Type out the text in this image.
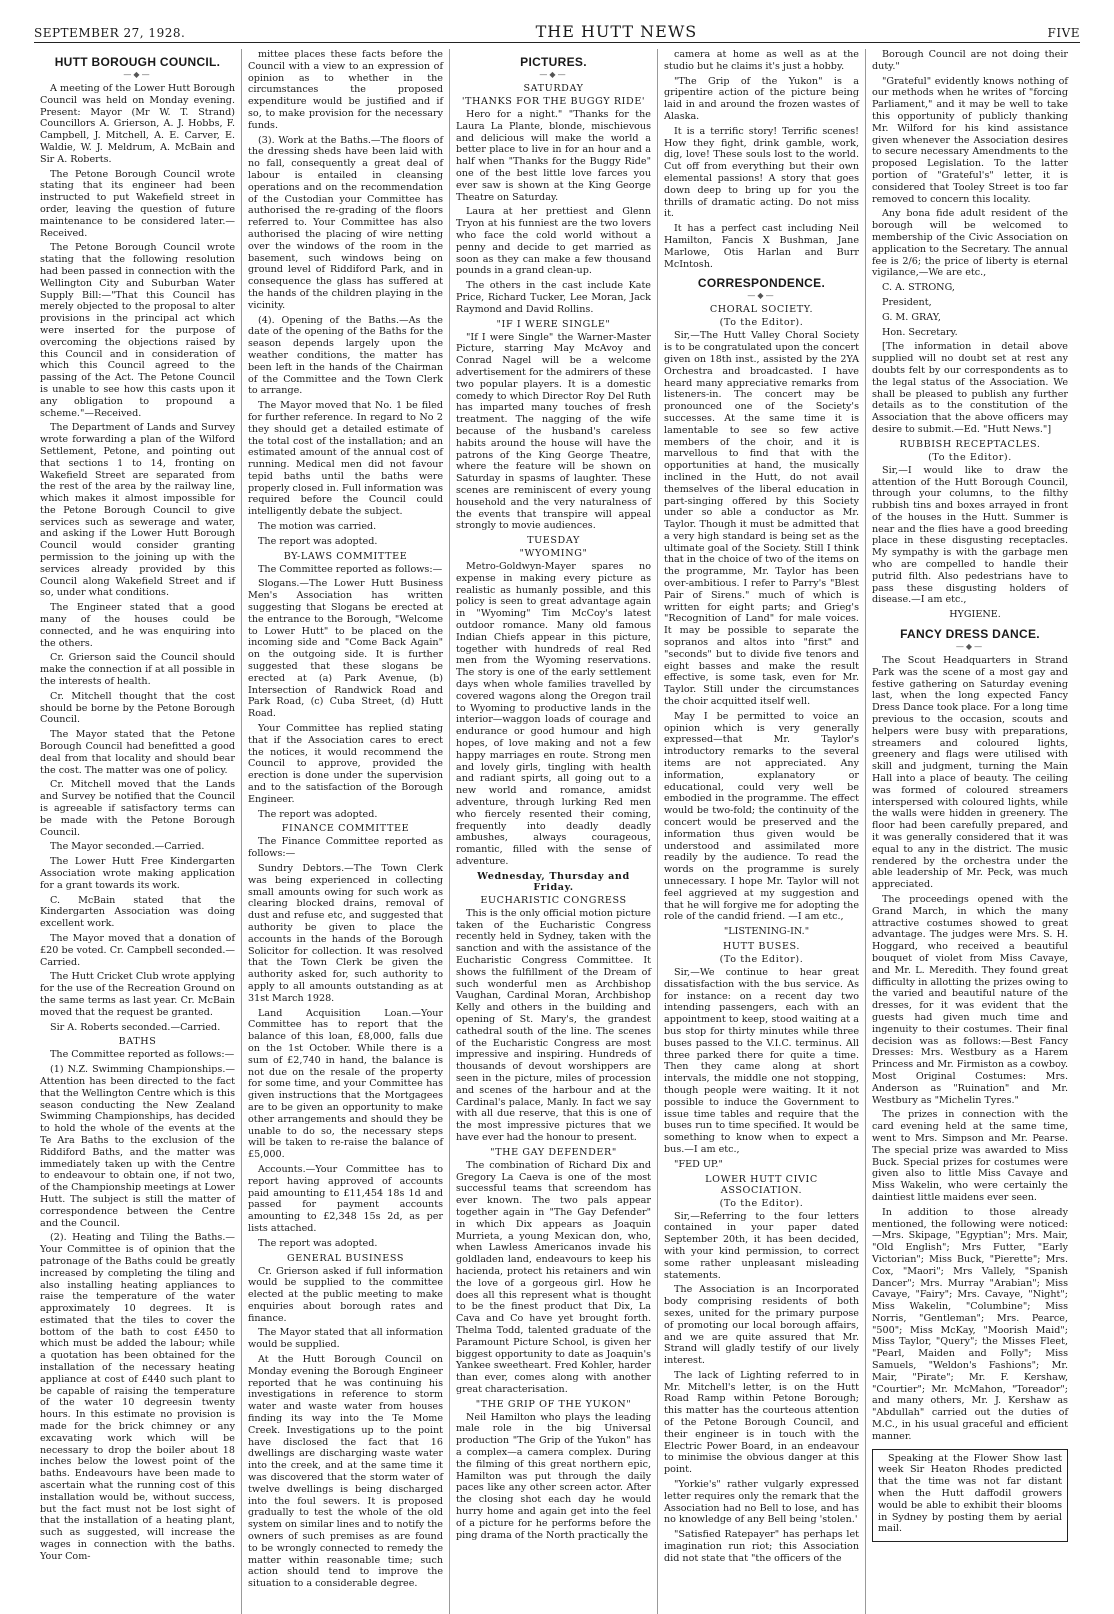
SEPTEMBER 27, 1928.	THE HUTT NEWS	FIVE
HUTT BOROUGH COUNCIL.
—◆—

A meeting of the Lower Hutt Borough Council was held on Monday evening. Present: Mayor (Mr W. T. Strand) Councillors A. Grierson, A. J. Hobbs, F. Campbell, J. Mitchell, A. E. Carver, E. Waldie, W. J. Meldrum, A. McBain and Sir A. Roberts.

The Petone Borough Council wrote stating that its engineer had been instructed to put Wakefield street in order, leaving the question of future maintenance to be considered later.—Received.

The Petone Borough Council wrote stating that the following resolution had been passed in connection with the Wellington City and Suburban Water Supply Bill:—"That this Council has merely objected to the proposal to alter provisions in the principal act which were inserted for the purpose of overcoming the objections raised by this Council and in consideration of which this Council agreed to the passing of the Act. The Petone Council is unable to see how this casts upon it any obligation to propound a scheme."—Received.

The Department of Lands and Survey wrote forwarding a plan of the Wilford Settlement, Petone, and pointing out that sections 1 to 14, fronting on Wakefield Street are separated from the rest of the area by the railway line, which makes it almost impossible for the Petone Borough Council to give services such as sewerage and water, and asking if the Lower Hutt Borough Council would consider granting permission to the joining up with the services already provided by this Council along Wakefield Street and if so, under what conditions.

The Engineer stated that a good many of the houses could be connected, and he was enquiring into the others.

Cr. Grierson said the Council should make the connection if at all possible in the interests of health.

Cr. Mitchell thought that the cost should be borne by the Petone Borough Council.

The Mayor stated that the Petone Borough Council had benefitted a good deal from that locality and should bear the cost. The matter was one of policy.

Cr. Mitchell moved that the Lands and Survey be notified that the Council is agreeable if satisfactory terms can be made with the Petone Borough Council.

The Mayor seconded.—Carried.

The Lower Hutt Free Kindergarten Association wrote making application for a grant towards its work.

C. McBain stated that the Kindergarten Association was doing excellent work.

The Mayor moved that a donation of £20 be voted. Cr. Campbell seconded.—Carried.

The Hutt Cricket Club wrote applying for the use of the Recreation Ground on the same terms as last year. Cr. McBain moved that the request be granted.

Sir A. Roberts seconded.—Carried.

BATHS

The Committee reported as follows:—

(1) N.Z. Swimming Championships.—Attention has been directed to the fact that the Wellington Centre which is this season conducting the New Zealand Swimming Championships, has decided to hold the whole of the events at the Te Ara Baths to the exclusion of the Riddiford Baths, and the matter was immediately taken up with the Centre to endeavour to obtain one, if not two, of the Championship meetings at Lower Hutt. The subject is still the matter of correspondence between the Centre and the Council.

(2). Heating and Tiling the Baths.—Your Committee is of opinion that the patronage of the Baths could be greatly increased by completing the tiling and also installing heating appliances to raise the temperature of the water approximately 10 degrees. It is estimated that the tiles to cover the bottom of the bath to cost £450 to which must be added the labour; while a quotation has been obtained for the installation of the necessary heating appliance at cost of £440 such plant to be capable of raising the temperature of the water 10 degreesin twenty hours. In this estimate no provision is made for the brick chimney or any excavating work which will be necessary to drop the boiler about 18 inches below the lowest point of the baths. Endeavours have been made to ascertain what the running cost of this installation would be, without success, but the fact must not be lost sight of that the installation of a heating plant, such as suggested, will increase the wages in connection with the baths. Your Com-

mittee places these facts before the Council with a view to an expression of opinion as to whether in the circumstances the proposed expenditure would be justified and if so, to make provision for the necessary funds.

(3). Work at the Baths.—The floors of the dressing sheds have been laid with no fall, consequently a great deal of labour is entailed in cleansing operations and on the recommendation of the Custodian your Committee has authorised the re-grading of the floors referred to. Your Committee has also authorised the placing of wire netting over the windows of the room in the basement, such windows being on ground level of Riddiford Park, and in consequence the glass has suffered at the hands of the children playing in the vicinity.

(4). Opening of the Baths.—As the date of the opening of the Baths for the season depends largely upon the weather conditions, the matter has been left in the hands of the Chairman of the Committee and the Town Clerk to arrange.

The Mayor moved that No. 1 be filed for further reference. In regard to No 2 they should get a detailed estimate of the total cost of the installation; and an estimated amount of the annual cost of running. Medical men did not favour tepid baths until the baths were properly closed in. Full information was required before the Council could intelligently debate the subject.

The motion was carried.

The report was adopted.

BY-LAWS COMMITTEE

The Committee reported as follows:—

Slogans.—The Lower Hutt Business Men's Association has written suggesting that Slogans be erected at the entrance to the Borough, "Welcome to Lower Hutt" to be placed on the incoming side and "Come Back Again" on the outgoing side. It is further suggested that these slogans be erected at (a) Park Avenue, (b) Intersection of Randwick Road and Park Road, (c) Cuba Street, (d) Hutt Road.

Your Committee has replied stating that if the Association cares to erect the notices, it would recommend the Council to approve, provided the erection is done under the supervision and to the satisfaction of the Borough Engineer.

The report was adopted.

FINANCE COMMITTEE

The Finance Committee reported as follows:—

Sundry Debtors.—The Town Clerk was being experienced in collecting small amounts owing for such work as clearing blocked drains, removal of dust and refuse etc, and suggested that authority be given to place the accounts in the hands of the Borough Solicitor for collection. It was resolved that the Town Clerk be given the authority asked for, such authority to apply to all amounts outstanding as at 31st March 1928.

Land Acquisition Loan.—Your Committee has to report that the balance of this loan, £8,000, falls due on the 1st October. While there is a sum of £2,740 in hand, the balance is not due on the resale of the property for some time, and your Committee has given instructions that the Mortgagees are to be given an opportunity to make other arrangements and should they be unable to do so, the necessary steps will be taken to re-raise the balance of £5,000.

Accounts.—Your Committee has to report having approved of accounts paid amounting to £11,454 18s 1d and passed for payment accounts amounting to £2,348 15s 2d, as per lists attached.

The report was adopted.

GENERAL BUSINESS

Cr. Grierson asked if full information would be supplied to the committee elected at the public meeting to make enquiries about borough rates and finance.

The Mayor stated that all information would be supplied.

At the Hutt Borough Council on Monday evening the Borough Engineer reported that he was continuing his investigations in reference to storm water and waste water from houses finding its way into the Te Mome Creek. Investigations up to the point have disclosed the fact that 16 dwellings are discharging waste water into the creek, and at the same time it was discovered that the storm water of twelve dwellings is being discharged into the foul sewers. It is proposed gradually to test the whole of the old system on similar lines and to notify the owners of such premises as are found to be wrongly connected to remedy the matter within reasonable time; such action should tend to improve the situation to a considerable degree.

PICTURES.
—◆—
SATURDAY
'THANKS FOR THE BUGGY RIDE'

Hero for a night." "Thanks for the Laura La Plante, blonde, mischievous and delicious will make the world a better place to live in for an hour and a half when "Thanks for the Buggy Ride" one of the best little love farces you ever saw is shown at the King George Theatre on Saturday.

Laura at her prettiest and Glenn Tryon at his funniest are the two lovers who face the cold world without a penny and decide to get married as soon as they can make a few thousand pounds in a grand clean-up.

The others in the cast include Kate Price, Richard Tucker, Lee Moran, Jack Raymond and David Rollins.

"IF I WERE SINGLE"

"If I were Single" the Warner-Master Picture, starring May McAvoy and Conrad Nagel will be a welcome advertisement for the admirers of these two popular players. It is a domestic comedy to which Director Roy Del Ruth has imparted many touches of fresh treatment. The nagging of the wife because of the husband's careless habits around the house will have the patrons of the King George Theatre, where the feature will be shown on Saturday in spasms of laughter. These scenes are reminiscent of every young household and the very naturalness of the events that transpire will appeal strongly to movie audiences.

TUESDAY
"WYOMING"

Metro-Goldwyn-Mayer spares no expense in making every picture as realistic as humanly possible, and this policy is seen to great advantage again in "Wyoming" Tim McCoy's latest outdoor romance. Many old famous Indian Chiefs appear in this picture, together with hundreds of real Red men from the Wyoming reservations. The story is one of the early settlement days when whole families travelled by covered wagons along the Oregon trail to Wyoming to productive lands in the interior—waggon loads of courage and endurance or good humour and high hopes, of love making and not a few happy marriages en route. Strong men and lovely girls, tingling with health and radiant spirts, all going out to a new world and romance, amidst adventure, through lurking Red men who fiercely resented their coming, frequently into deadly deadly ambushes, always courageous, romantic, filled with the sense of adventure.

Wednesday, Thursday and Friday.
EUCHARISTIC CONGRESS

This is the only official motion picture taken of the Eucharistic Congress recently held in Sydney, taken with the sanction and with the assistance of the Eucharistic Congress Committee. It shows the fulfillment of the Dream of such wonderful men as Archbishop Vaughan, Cardinal Moran, Archbishop Kelly and others in the building and opening of St. Mary's, the grandest cathedral south of the line. The scenes of the Eucharistic Congress are most impressive and inspiring. Hundreds of thousands of devout worshippers are seen in the picture, miles of procession and scenes of the harbour and at the Cardinal's palace, Manly. In fact we say with all due reserve, that this is one of the most impressive pictures that we have ever had the honour to present.

"THE GAY DEFENDER"

The combination of Richard Dix and Gregory La Caeva is one of the most successful teams that screendom has ever known. The two pals appear together again in "The Gay Defender" in which Dix appears as Joaquin Murrieta, a young Mexican don, who, when Lawless Americanos invade his goldladen land, endeavours to keep his hacienda, protect his retainers and win the love of a gorgeous girl. How he does all this represent what is thought to be the finest product that Dix, La Cava and Co have yet brought forth. Thelma Todd, talented graduate of the Paramount Picture School, is given her biggest opportunity to date as Joaquin's Yankee sweetheart. Fred Kohler, harder than ever, comes along with another great characterisation.

"THE GRIP OF THE YUKON"

Neil Hamilton who plays the leading male role in the big Universal production "The Grip of the Yukon" has a complex—a camera complex. During the filming of this great northern epic, Hamilton was put through the daily paces like any other screen actor. After the closing shot each day he would hurry home and again get into the feel of a picture for he performs before the ping drama of the North practically the

camera at home as well as at the studio but he claims it's just a hobby.

"The Grip of the Yukon" is a gripentire action of the picture being laid in and around the frozen wastes of Alaska.

It is a terrific story! Terrific scenes! How they fight, drink gamble, work, dig, love! These souls lost to the world. Cut off from everything but their own elemental passions! A story that goes down deep to bring up for you the thrills of dramatic acting. Do not miss it.

It has a perfect cast including Neil Hamilton, Fancis X Bushman, Jane Marlowe, Otis Harlan and Burr McIntosh.

CORRESPONDENCE.
—◆—
CHORAL SOCIETY.
(To the Editor).

Sir,—The Hutt Valley Choral Society is to be congratulated upon the concert given on 18th inst., assisted by the 2YA Orchestra and broadcasted. I have heard many appreciative remarks from listeners-in. The concert may be pronounced one of the Society's successes. At the same time it is lamentable to see so few active members of the choir, and it is marvellous to find that with the opportunities at hand, the musically inclined in the Hutt, do not avail themselves of the liberal education in part-singing offered by this Society under so able a conductor as Mr. Taylor. Though it must be admitted that a very high standard is being set as the ultimate goal of the Society. Still I think that in the choice of two of the items on the programme, Mr. Taylor has been over-ambitious. I refer to Parry's "Blest Pair of Sirens." much of which is written for eight parts; and Grieg's "Recognition of Land" for male voices. It may be possible to separate the sopranos and altos into "first" and "seconds" but to divide five tenors and eight basses and make the result effective, is some task, even for Mr. Taylor. Still under the circumstances the choir acquitted itself well.

May I be permitted to voice an opinion which is very generally expressed—that Mr. Taylor's introductory remarks to the several items are not appreciated. Any information, explanatory or educational, could very well be embodied in the programme. The effect would be two-fold; the continuity of the concert would be preserved and the information thus given would be understood and assimilated more readily by the audience. To read the words on the programme is surely unnecessary. I hope Mr. Taylor will not feel aggrieved at my suggestion and that he will forgive me for adopting the role of the candid friend. —I am etc.,

"LISTENING-IN."

HUTT BUSES.
(To the Editor).

Sir,—We continue to hear great dissatisfaction with the bus service. As for instance: on a recent day two intending passengers, each with an appointment to keep, stood waiting at a bus stop for thirty minutes while three buses passed to the V.I.C. terminus. All three parked there for quite a time. Then they came along at short intervals, the middle one not stopping, though people were waiting. It it not possible to induce the Government to issue time tables and require that the buses run to time specified. It would be something to know when to expect a bus.—I am etc.,

"FED UP."

LOWER HUTT CIVIC ASSOCIATION.
(To the Editor).

Sir,—Referring to the four letters contained in your paper dated September 20th, it has been decided, with your kind permission, to correct some rather unpleasant misleading statements.

The Association is an Incorporated body comprising residents of both sexes, united for the primary purpose of promoting our local borough affairs, and we are quite assured that Mr. Strand will gladly testify of our lively interest.

The lack of Lighting referred to in Mr. Mitchell's letter, is on the Hutt Road Ramp within Petone Borough; this matter has the courteous attention of the Petone Borough Council, and their engineer is in touch with the Electric Power Board, in an endeavour to minimise the obvious danger at this point.

"Yorkie's" rather vulgarly expressed letter requires only the remark that the Association had no Bell to lose, and has no knowledge of any Bell being 'stolen.'

"Satisfied Ratepayer" has perhaps let imagination run riot; this Association did not state that "the officers of the

Borough Council are not doing their duty."

"Grateful" evidently knows nothing of our methods when he writes of "forcing Parliament," and it may be well to take this opportunity of publicly thanking Mr. Wilford for his kind assistance given whenever the Association desires to secure necessary Amendments to the proposed Legislation. To the latter portion of "Grateful's" letter, it is considered that Tooley Street is too far removed to concern this locality.

Any bona fide adult resident of the borough will be welcomed to membership of the Civic Association on application to the Secretary. The annual fee is 2/6; the price of liberty is eternal vigilance,—We are etc.,

C. A. STRONG,

President,

G. M. GRAY,

Hon. Secretary.

[The information in detail above supplied will no doubt set at rest any doubts felt by our correspondents as to the legal status of the Association. We shall be pleased to publish any further details as to the constitution of the Association that the above officers may desire to submit.—Ed. "Hutt News."]

RUBBISH RECEPTACLES.
(To the Editor).

Sir,—I would like to draw the attention of the Hutt Borough Council, through your columns, to the filthy rubbish tins and boxes arrayed in front of the houses in the Hutt. Summer is near and the flies have a good breeding place in these disgusting receptacles. My sympathy is with the garbage men who are compelled to handle their putrid filth. Also pedestrians have to pass these disgusting holders of disease.—I am etc.,

HYGIENE.

FANCY DRESS DANCE.
—◆—

The Scout Headquarters in Strand Park was the scene of a most gay and festive gathering on Saturday evening last, when the long expected Fancy Dress Dance took place. For a long time previous to the occasion, scouts and helpers were busy with preparations, streamers and coloured lights, greenery and flags were utilised with skill and judgment, turning the Main Hall into a place of beauty. The ceiling was formed of coloured streamers interspersed with coloured lights, while the walls were hidden in greenery. The floor had been carefully prepared, and it was generally considered that it was equal to any in the district. The music rendered by the orchestra under the able leadership of Mr. Peck, was much appreciated.

The proceedings opened with the Grand March, in which the many attractive costumes showed to great advantage. The judges were Mrs. S. H. Hoggard, who received a beautiful bouquet of violet from Miss Cavaye, and Mr. L. Meredith. They found great difficulty in allotting the prizes owing to the varied and beautiful nature of the dresses, for it was evident that the guests had given much time and ingenuity to their costumes. Their final decision was as follows:—Best Fancy Dresses: Mrs. Westbury as a Harem Princess and Mr. Firmiston as a cowboy. Most Original Costumes: Mrs. Anderson as "Ruination" and Mr. Westbury as "Michelin Tyres."

The prizes in connection with the card evening held at the same time, went to Mrs. Simpson and Mr. Pearse. The special prize was awarded to Miss Buck. Special prizes for costumes were given also to little Miss Cavaye and Miss Wakelin, who were certainly the daintiest little maidens ever seen.

In addition to those already mentioned, the following were noticed:—Mrs. Skipage, "Egyptian"; Mrs. Mair, "Old English"; Mrs Futter, "Early Victorian"; Miss Buck, "Pierette"; Mrs. Cox, "Maori"; Mrs Vallely, "Spanish Dancer"; Mrs. Murray "Arabian"; Miss Cavaye, "Fairy"; Mrs. Cavaye, "Night"; Miss Wakelin, "Columbine"; Miss Norris, "Gentleman"; Mrs. Pearce, "500"; Miss McKay, "Moorish Maid"; Miss Taylor, "Query"; the Misses Fleet, "Pearl, Maiden and Folly"; Miss Samuels, "Weldon's Fashions"; Mr. Mair, "Pirate"; Mr. F. Kershaw, "Courtier"; Mr. McMahon, "Toreador"; and many others, Mr. J. Kershaw as "Abdullah" carried out the duties of M.C., in his usual graceful and efficient manner.

Speaking at the Flower Show last week Sir Heaton Rhodes predicted that the time was not far distant when the Hutt daffodil growers would be able to exhibit their blooms in Sydney by posting them by aerial mail.
